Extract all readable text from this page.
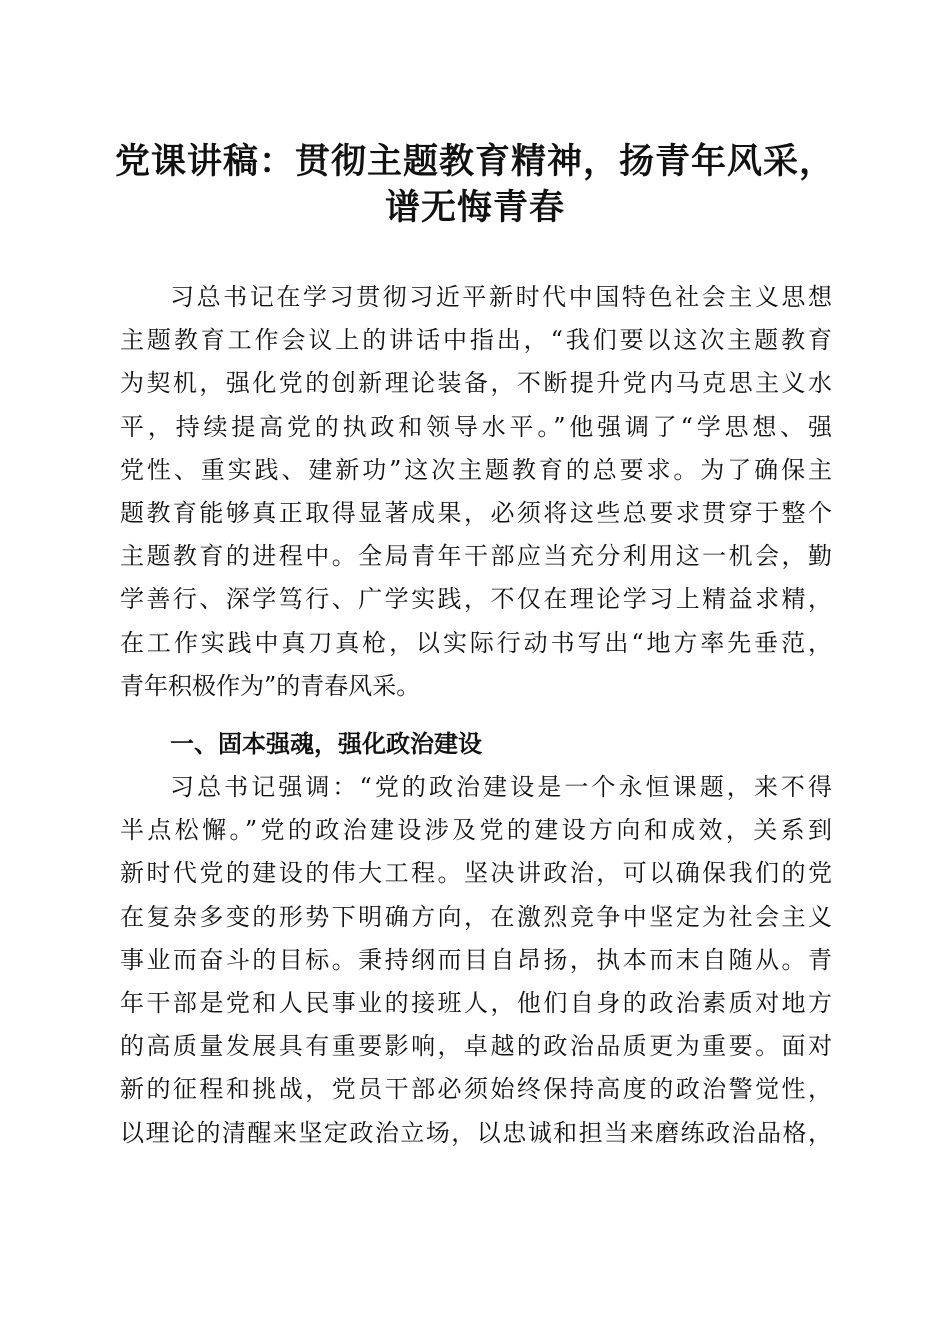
党课讲稿：贯彻主题教育精神，扬青年风采，
谱无悔青春
习总书记在学习贯彻习近平新时代中国特色社会主义思想
主题教育工作会议上的讲话中指出，“我们要以这次主题教育
为契机，强化党的创新理论装备，不断提升党内马克思主义水
平，持续提高党的执政和领导水平。”他强调了“学思想、强
党性、重实践、建新功”这次主题教育的总要求。为了确保主
题教育能够真正取得显著成果，必须将这些总要求贯穿于整个
主题教育的进程中。全局青年干部应当充分利用这一机会，勤
学善行、深学笃行、广学实践，不仅在理论学习上精益求精，
在工作实践中真刀真枪，以实际行动书写出“地方率先垂范，
青年积极作为”的青春风采。
一、固本强魂，强化政治建设
习总书记强调：“党的政治建设是一个永恒课题，来不得
半点松懈。”党的政治建设涉及党的建设方向和成效，关系到
新时代党的建设的伟大工程。坚决讲政治，可以确保我们的党
在复杂多变的形势下明确方向，在激烈竞争中坚定为社会主义
事业而奋斗的目标。秉持纲而目自昂扬，执本而末自随从。青
年干部是党和人民事业的接班人，他们自身的政治素质对地方
的高质量发展具有重要影响，卓越的政治品质更为重要。面对
新的征程和挑战，党员干部必须始终保持高度的政治警觉性，
以理论的清醒来坚定政治立场，以忠诚和担当来磨练政治品格，
